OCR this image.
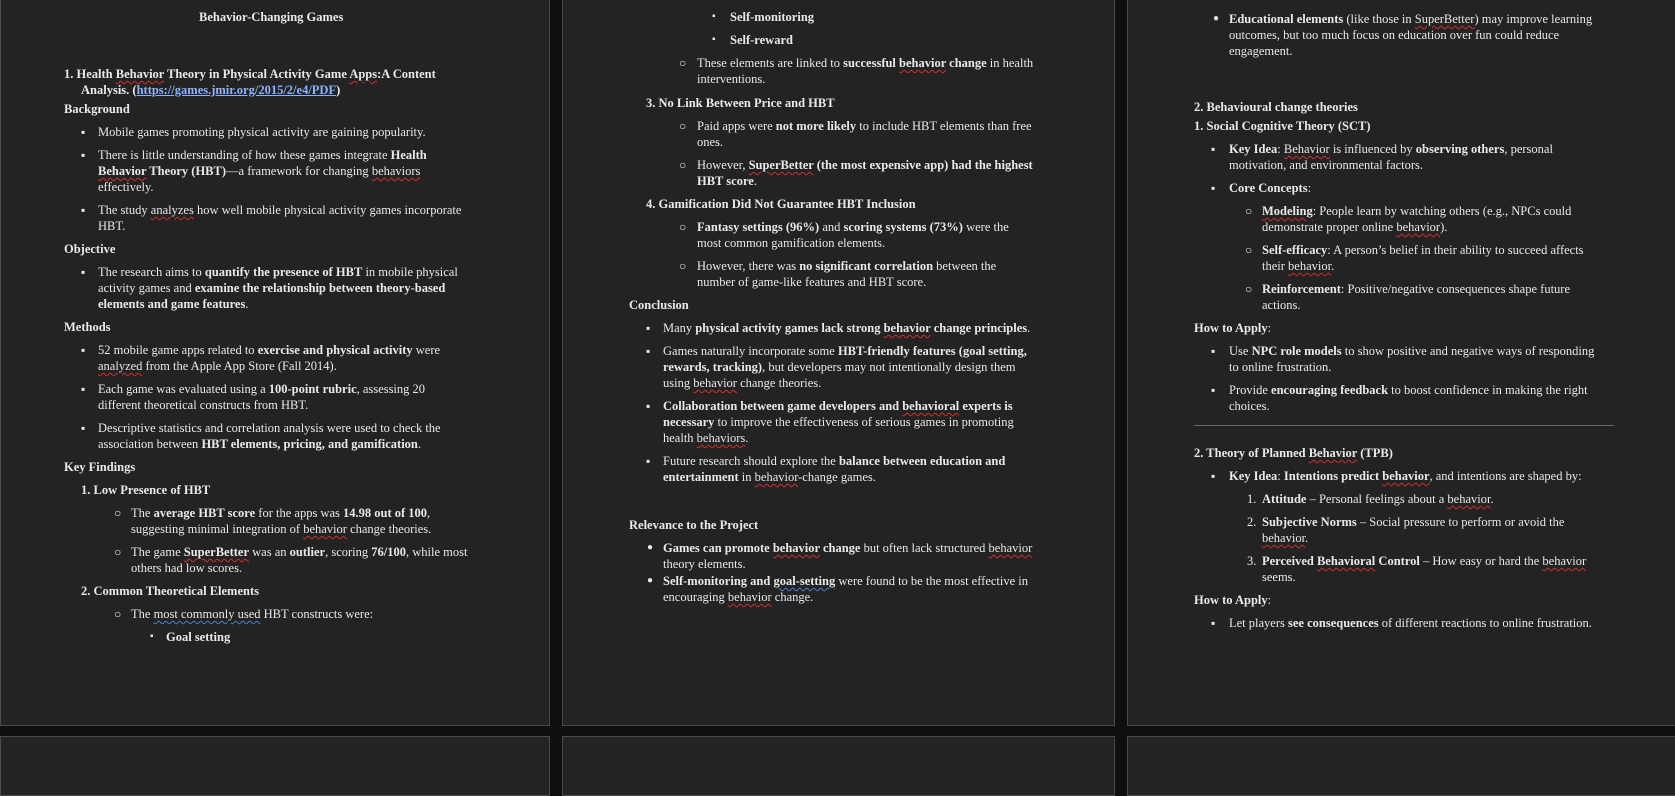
Behavior-Changing Games
1. Health Behavior Theory in Physical Activity Game Apps:A Content
Analysis. (https://games.jmir.org/2015/2/e4/PDF)
Background
▪ Mobile games promoting physical activity are gaining popularity.
▪ There is little understanding of how these games integrate Health
Behavior Theory (HBT)—a framework for changing behaviors
effectively.
▪ The study analyzes how well mobile physical activity games incorporate
HBT.
Objective
▪ The research aims to quantify the presence of HBT in mobile physical
activity games and examine the relationship between theory-based
elements and game features.
Methods
▪ 52 mobile game apps related to exercise and physical activity were
analyzed from the Apple App Store (Fall 2014).
▪ Each game was evaluated using a 100-point rubric, assessing 20
different theoretical constructs from HBT.
▪ Descriptive statistics and correlation analysis were used to check the
association between HBT elements, pricing, and gamification.
Key Findings
1. Low Presence of HBT
○ The average HBT score for the apps was 14.98 out of 100,
suggesting minimal integration of behavior change theories.
○ The game SuperBetter was an outlier, scoring 76/100, while most
others had low scores.
2. Common Theoretical Elements
○ The most commonly used HBT constructs were:
▪ Goal setting
▪ Self-monitoring
▪ Self-reward
○ These elements are linked to successful behavior change in health
interventions.
3. No Link Between Price and HBT
○ Paid apps were not more likely to include HBT elements than free
ones.
○ However, SuperBetter (the most expensive app) had the highest
HBT score.
4. Gamification Did Not Guarantee HBT Inclusion
○ Fantasy settings (96%) and scoring systems (73%) were the
most common gamification elements.
○ However, there was no significant correlation between the
number of game-like features and HBT score.
Conclusion
▪ Many physical activity games lack strong behavior change principles.
▪ Games naturally incorporate some HBT-friendly features (goal setting,
rewards, tracking), but developers may not intentionally design them
using behavior change theories.
▪ Collaboration between game developers and behavioral experts is
necessary to improve the effectiveness of serious games in promoting
health behaviors.
▪ Future research should explore the balance between education and
entertainment in behavior-change games.
Relevance to the Project
● Games can promote behavior change but often lack structured behavior
theory elements.
● Self-monitoring and goal-setting were found to be the most effective in
encouraging behavior change.
● Educational elements (like those in SuperBetter) may improve learning
outcomes, but too much focus on education over fun could reduce
engagement.
2. Behavioural change theories
1. Social Cognitive Theory (SCT)
▪ Key Idea: Behavior is influenced by observing others, personal
motivation, and environmental factors.
▪ Core Concepts:
○ Modeling: People learn by watching others (e.g., NPCs could
demonstrate proper online behavior).
○ Self-efficacy: A person’s belief in their ability to succeed affects
their behavior.
○ Reinforcement: Positive/negative consequences shape future
actions.
How to Apply:
▪ Use NPC role models to show positive and negative ways of responding
to online frustration.
▪ Provide encouraging feedback to boost confidence in making the right
choices.
2. Theory of Planned Behavior (TPB)
▪ Key Idea: Intentions predict behavior, and intentions are shaped by:
1. Attitude – Personal feelings about a behavior.
2. Subjective Norms – Social pressure to perform or avoid the
behavior.
3. Perceived Behavioral Control – How easy or hard the behavior
seems.
How to Apply:
▪ Let players see consequences of different reactions to online frustration.
